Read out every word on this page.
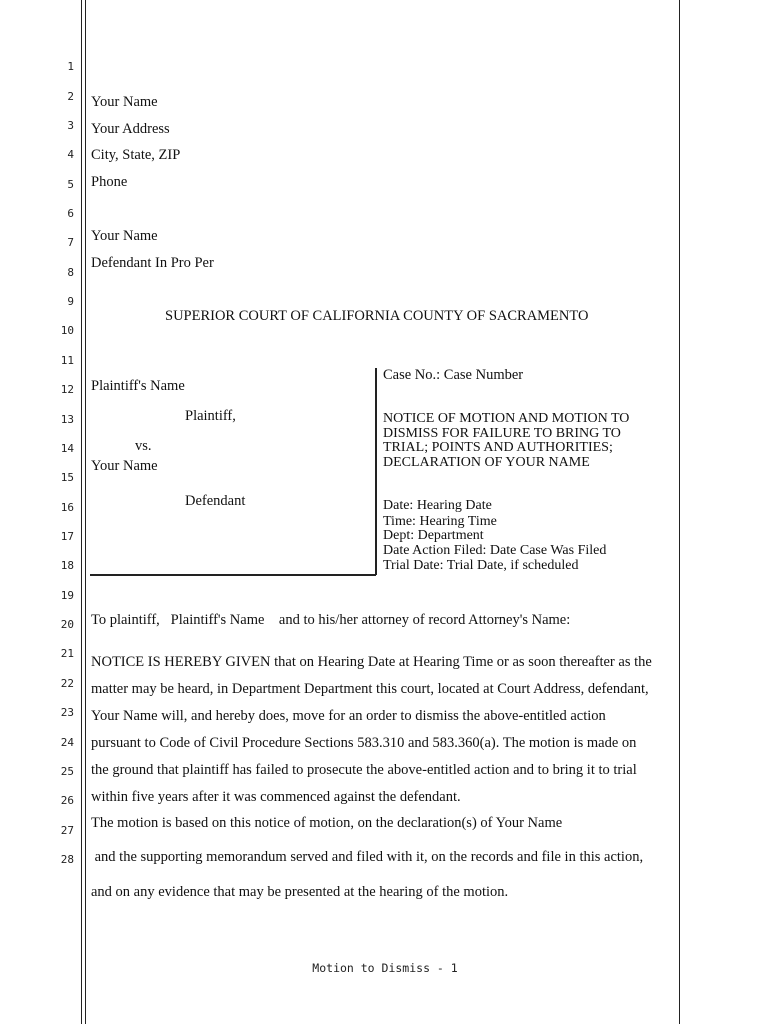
1
2
3
4
5
6
7
8
9
10
11
12
13
14
15
16
17
18
19
20
21
22
23
24
25
26
27
28
Your Name
Your Address
City, State, ZIP
Phone
Your Name
Defendant In Pro Per
SUPERIOR COURT OF CALIFORNIA COUNTY OF SACRAMENTO
Plaintiff's Name
Plaintiff,
vs.
Your Name
Defendant
Case No.: Case Number
NOTICE OF MOTION AND MOTION TO
DISMISS FOR FAILURE TO BRING TO
TRIAL; POINTS AND AUTHORITIES;
DECLARATION OF YOUR NAME
Date: Hearing Date
Time: Hearing Time
Dept: Department
Date Action Filed: Date Case Was Filed
Trial Date: Trial Date, if scheduled
To plaintiff,   Plaintiff's Name    and to his/her attorney of record Attorney's Name:
NOTICE IS HEREBY GIVEN that on Hearing Date at Hearing Time or as soon thereafter as the
matter may be heard, in Department Department this court, located at Court Address, defendant,
Your Name will, and hereby does, move for an order to dismiss the above-entitled action
pursuant to Code of Civil Procedure Sections 583.310 and 583.360(a). The motion is made on
the ground that plaintiff has failed to prosecute the above-entitled action and to bring it to trial
within five years after it was commenced against the defendant.
The motion is based on this notice of motion, on the declaration(s) of Your Name
and the supporting memorandum served and filed with it, on the records and file in this action,
and on any evidence that may be presented at the hearing of the motion.
Motion to Dismiss - 1
